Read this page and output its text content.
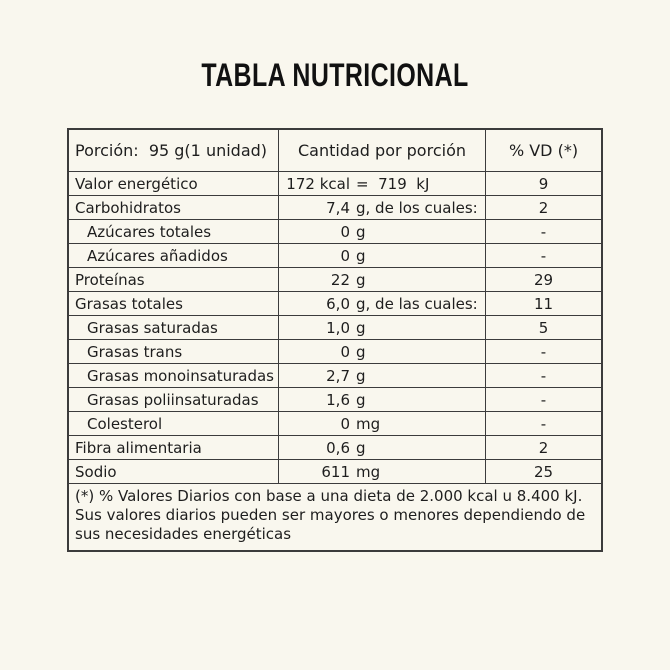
TABLA NUTRICIONAL
Porción:  95 g(1 unidad)	Cantidad por porción	% VD (*)
Valor energético	172 kcal =  719  kJ	9
Carbohidratos	7,4 g, de los cuales:	2
Azúcares totales	0 g	-
Azúcares añadidos	0 g	-
Proteínas	22 g	29
Grasas totales	6,0 g, de las cuales:	11
Grasas saturadas	1,0 g	5
Grasas trans	0 g	-
Grasas monoinsaturadas	2,7 g	-
Grasas poliinsaturadas	1,6 g	-
Colesterol	0 mg	-
Fibra alimentaria	0,6 g	2
Sodio	611 mg	25
(*) % Valores Diarios con base a una dieta de 2.000 kcal u 8.400 kJ. Sus valores diarios pueden ser mayores o menores dependiendo de sus necesidades energéticas
